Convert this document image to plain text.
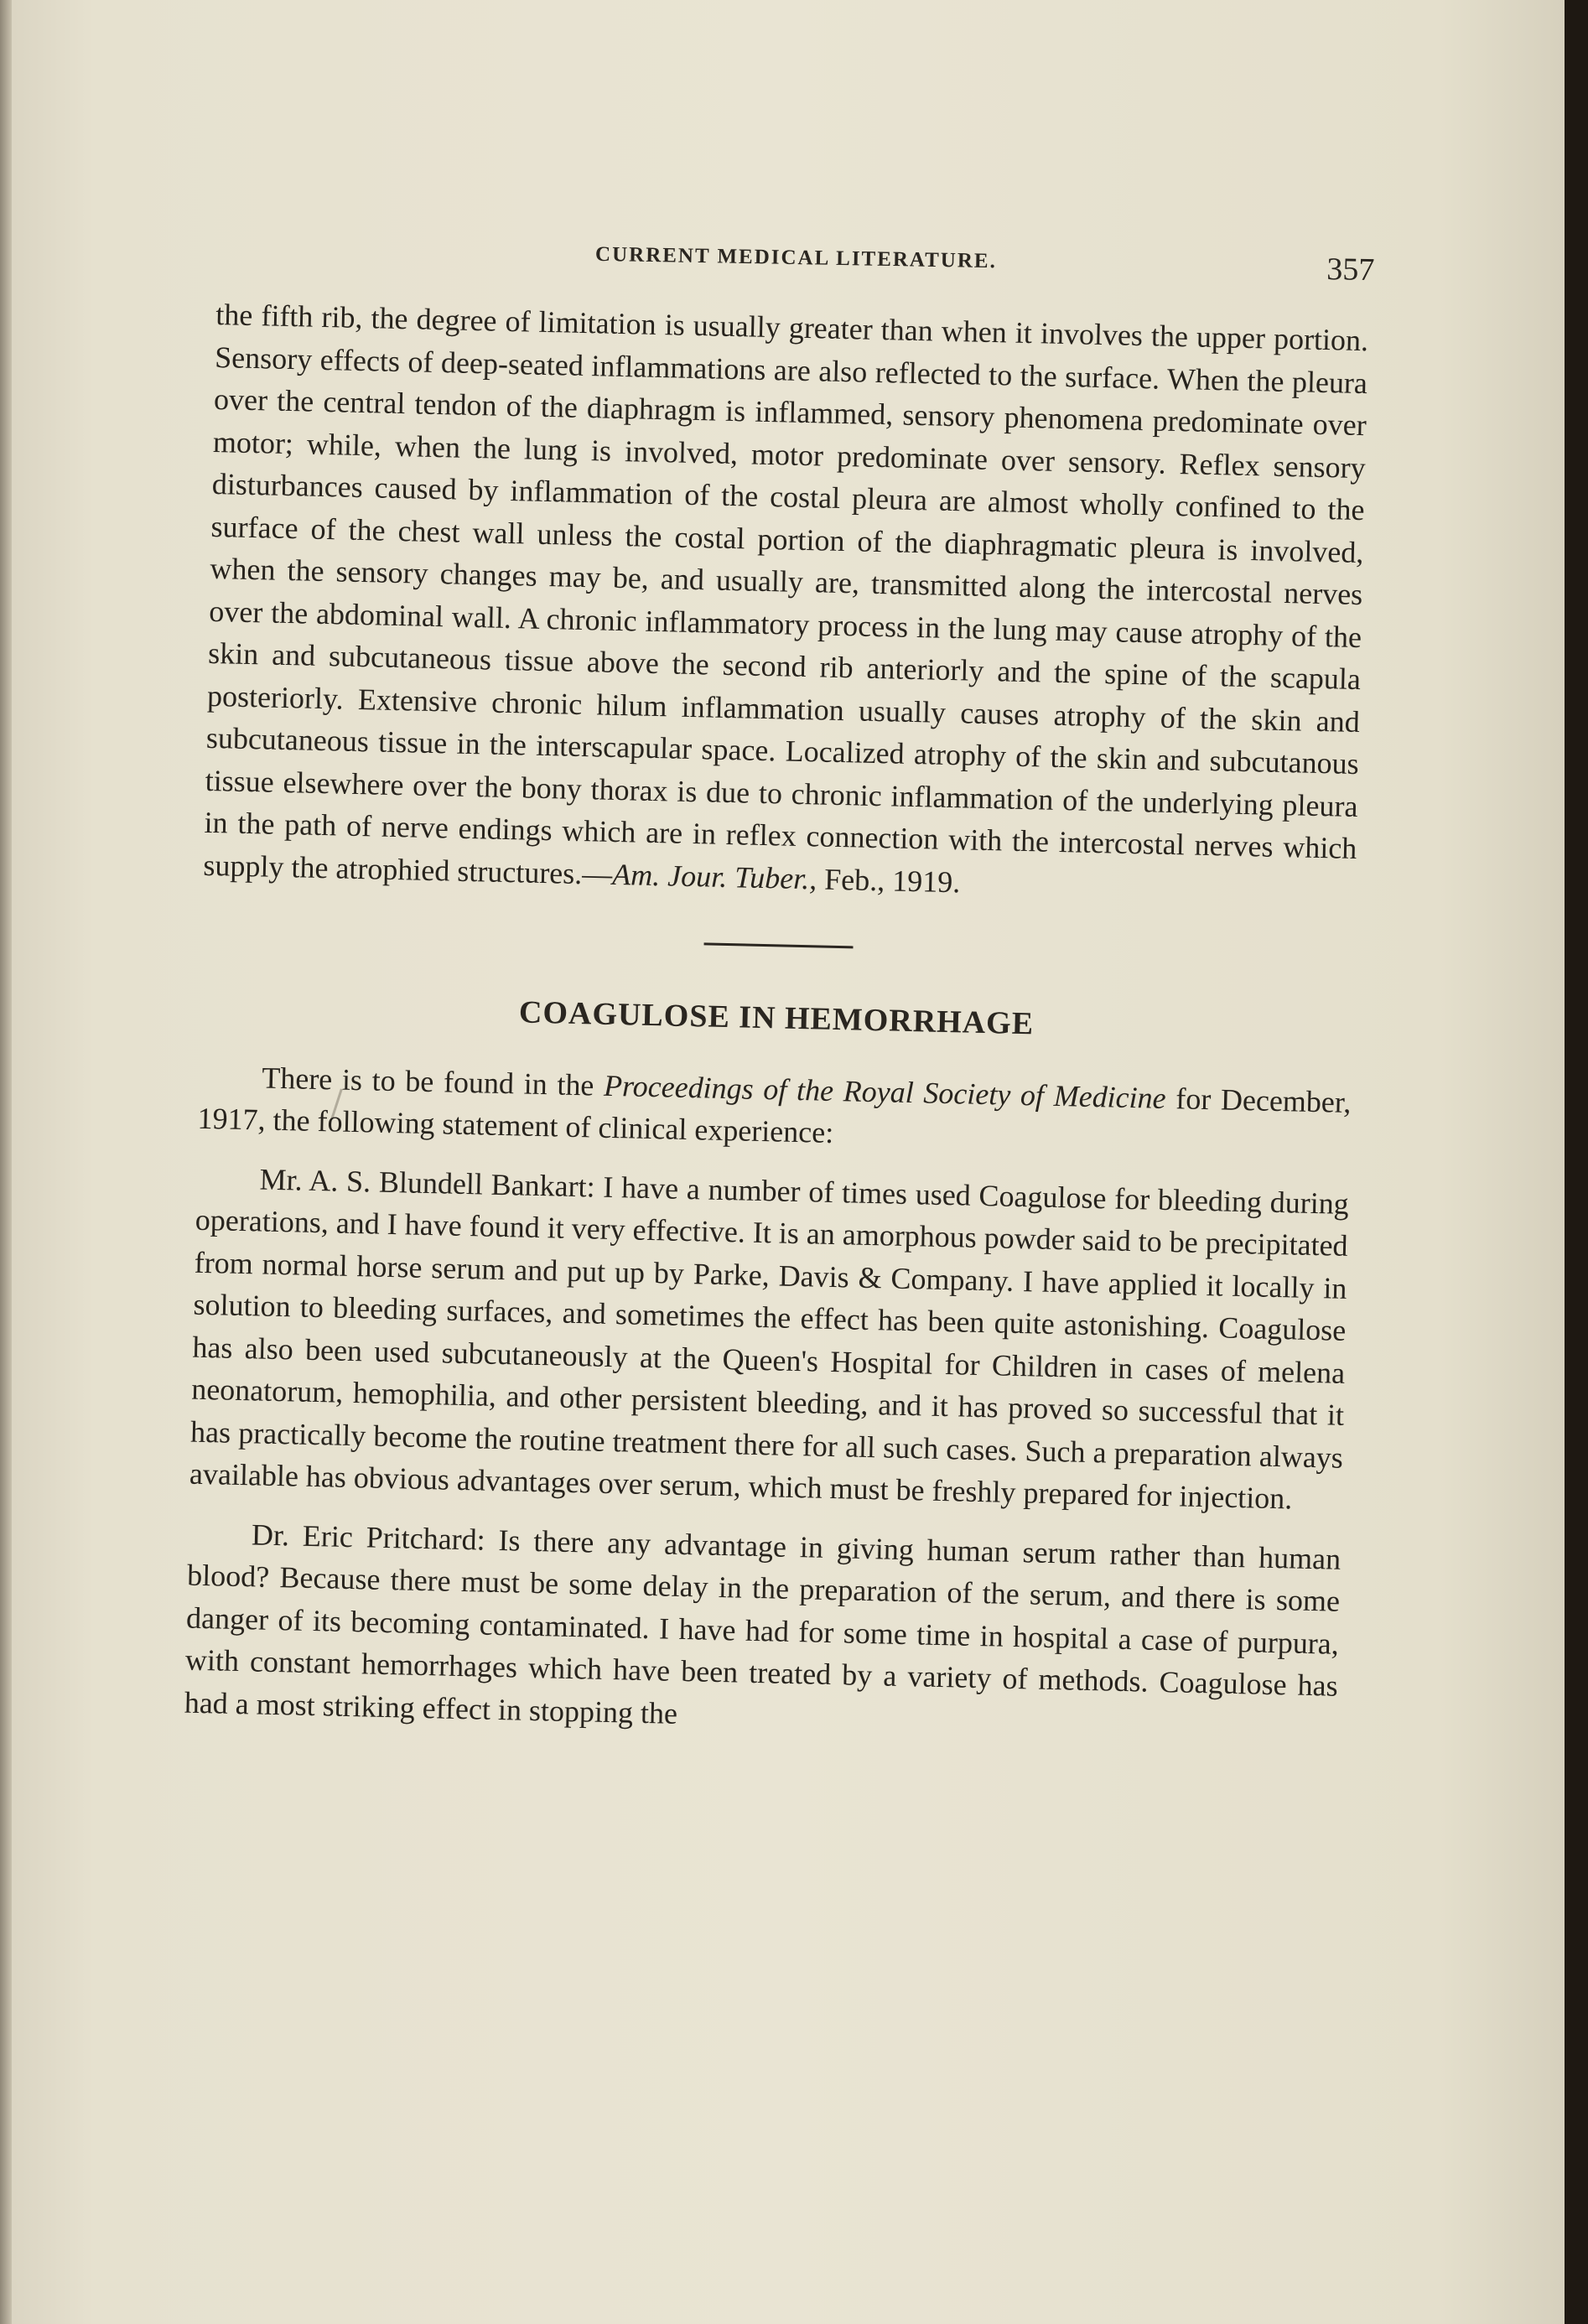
CURRENT MEDICAL LITERATURE.	357

the fifth rib, the degree of limitation is usually greater than when it involves the upper portion. Sensory effects of deep-seated inflammations are also reflected to the surface. When the pleura over the central tendon of the diaphragm is inflammed, sensory phenomena predominate over motor; while, when the lung is involved, motor predominate over sensory. Reflex sensory disturbances caused by inflammation of the costal pleura are almost wholly confined to the surface of the chest wall unless the costal portion of the diaphragmatic pleura is involved, when the sensory changes may be, and usually are, transmitted along the intercostal nerves over the abdominal wall. A chronic inflammatory process in the lung may cause atrophy of the skin and subcutaneous tissue above the second rib anteriorly and the spine of the scapula posteriorly. Extensive chronic hilum inflammation usually causes atrophy of the skin and subcutaneous tissue in the interscapular space. Localized atrophy of the skin and subcutanous tissue elsewhere over the bony thorax is due to chronic inflammation of the underlying pleura in the path of nerve endings which are in reflex connection with the intercostal nerves which supply the atrophied structures.—Am. Jour. Tuber., Feb., 1919.

COAGULOSE IN HEMORRHAGE

There is to be found in the Proceedings of the Royal Society of Medicine for December, 1917, the following statement of clinical experience:

Mr. A. S. Blundell Bankart: I have a number of times used Coagulose for bleeding during operations, and I have found it very effective. It is an amorphous powder said to be precipitated from normal horse serum and put up by Parke, Davis & Company. I have applied it locally in solution to bleeding surfaces, and sometimes the effect has been quite astonishing. Coagulose has also been used subcutaneously at the Queen's Hospital for Children in cases of melena neonatorum, hemophilia, and other persistent bleeding, and it has proved so successful that it has practically become the routine treatment there for all such cases. Such a preparation always available has obvious advantages over serum, which must be freshly prepared for injection.

Dr. Eric Pritchard: Is there any advantage in giving human serum rather than human blood? Because there must be some delay in the preparation of the serum, and there is some danger of its becoming contaminated. I have had for some time in hospital a case of purpura, with constant hemorrhages which have been treated by a variety of methods. Coagulose has had a most striking effect in stopping the
